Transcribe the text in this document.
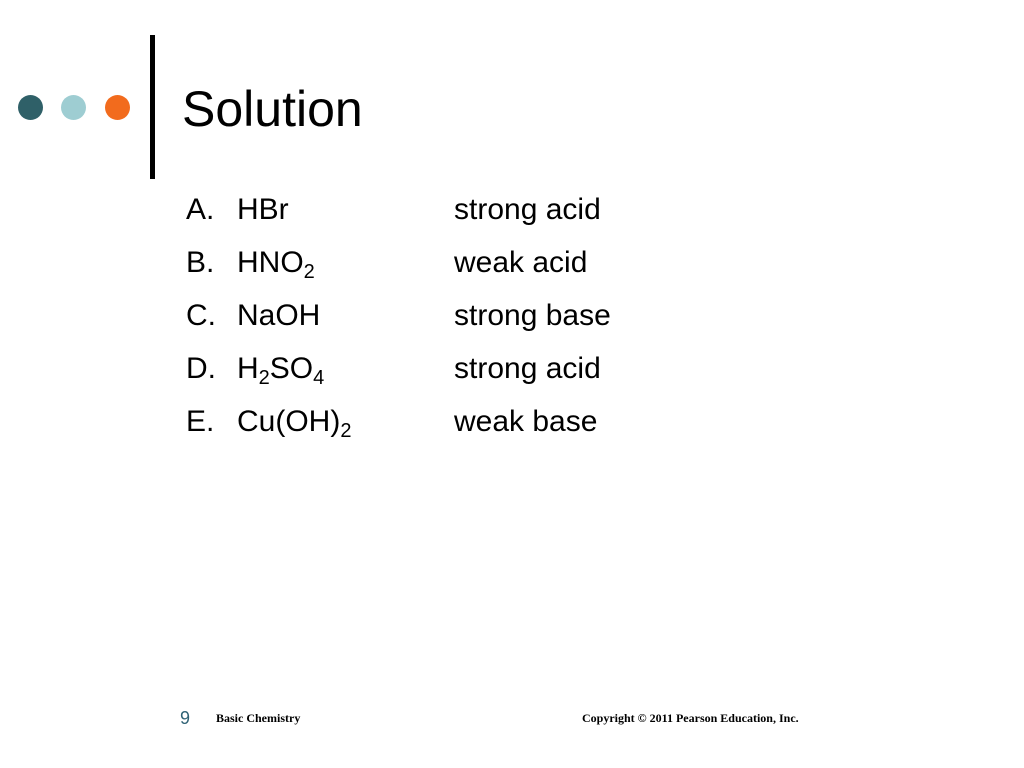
Solution
A. HBr	strong acid
B. $HNO_2$	weak acid
C. NaOH	strong base
D. $H_2SO_4$	strong acid
E. $Cu(OH)_2$	weak base
9 Basic Chemistry	Copyright © 2011 Pearson Education, Inc.
